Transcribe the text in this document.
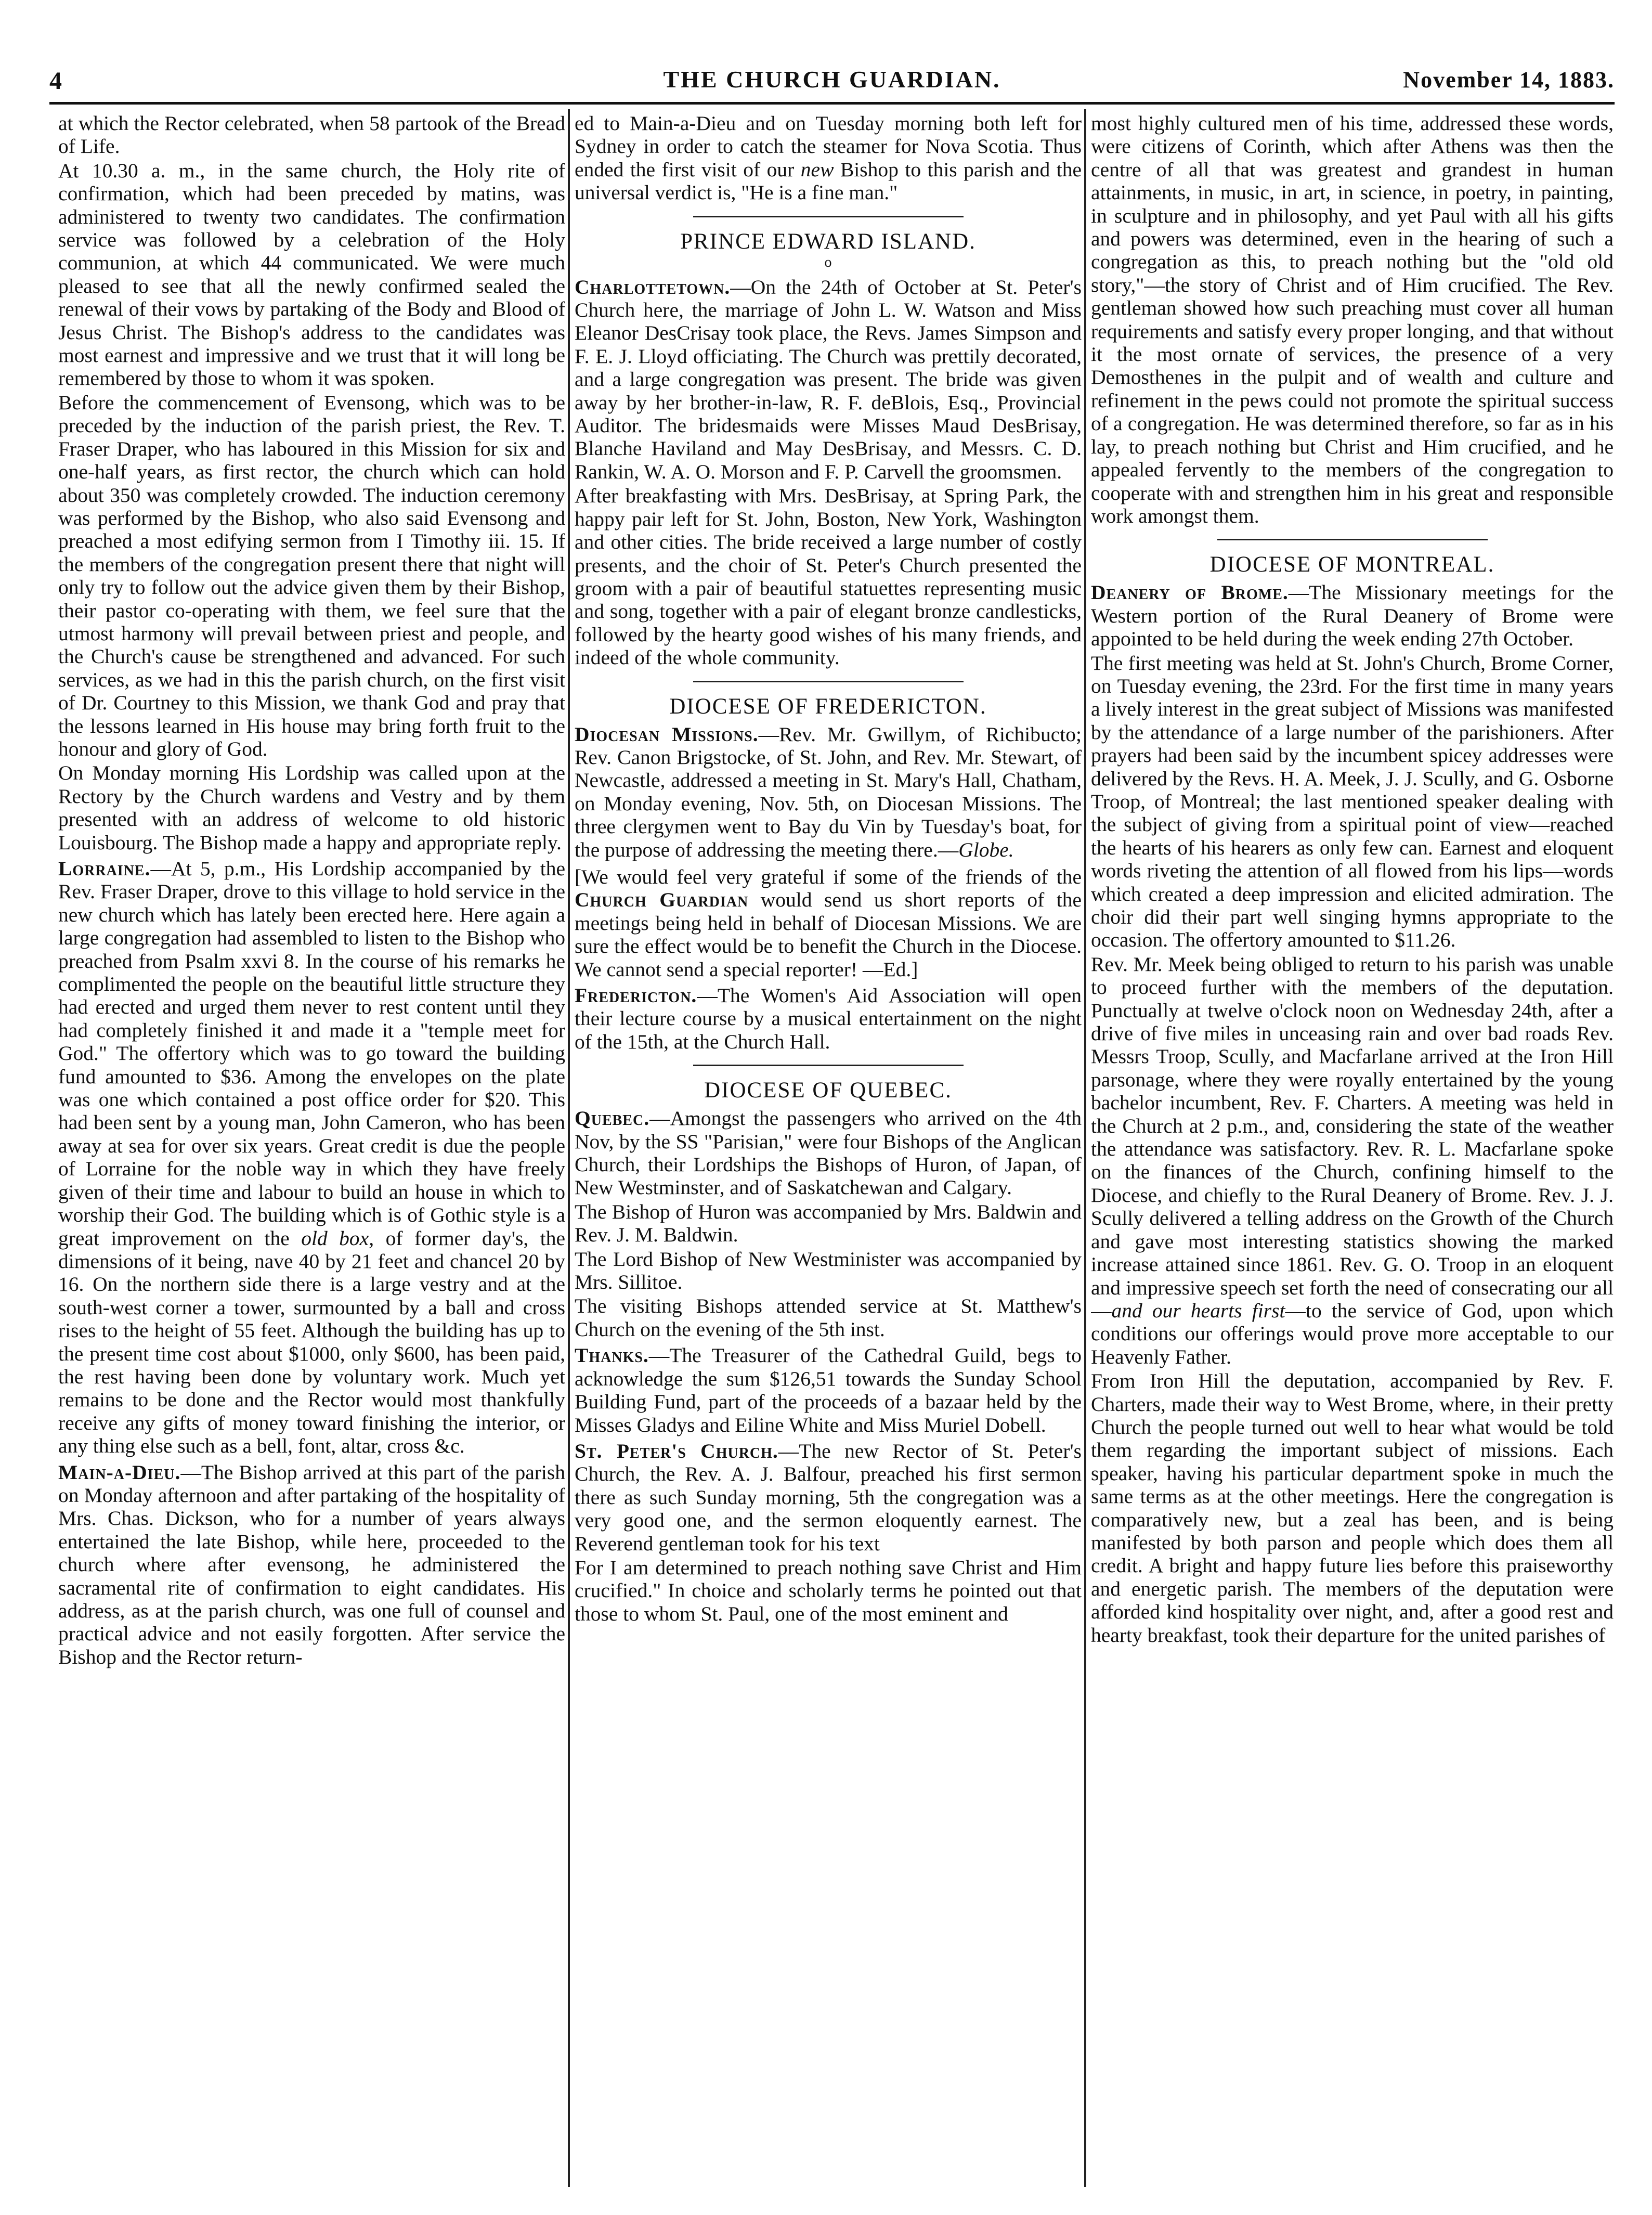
4	THE CHURCH GUARDIAN.	November 14, 1883.

at which the Rector celebrated, when 58 partook of the Bread of Life.

At 10.30 a. m., in the same church, the Holy rite of confirmation, which had been preceded by matins, was administered to twenty two candidates. The confirmation service was followed by a celebration of the Holy communion, at which 44 communicated. We were much pleased to see that all the newly confirmed sealed the renewal of their vows by partaking of the Body and Blood of Jesus Christ. The Bishop's address to the candidates was most earnest and impressive and we trust that it will long be remembered by those to whom it was spoken.

Before the commencement of Evensong, which was to be preceded by the induction of the parish priest, the Rev. T. Fraser Draper, who has laboured in this Mission for six and one-half years, as first rector, the church which can hold about 350 was completely crowded. The induction ceremony was performed by the Bishop, who also said Evensong and preached a most edifying sermon from I Timothy iii. 15. If the members of the congregation present there that night will only try to follow out the advice given them by their Bishop, their pastor co-operating with them, we feel sure that the utmost harmony will prevail between priest and people, and the Church's cause be strengthened and advanced. For such services, as we had in this the parish church, on the first visit of Dr. Courtney to this Mission, we thank God and pray that the lessons learned in His house may bring forth fruit to the honour and glory of God.

On Monday morning His Lordship was called upon at the Rectory by the Church wardens and Vestry and by them presented with an address of welcome to old historic Louisbourg. The Bishop made a happy and appropriate reply.

Lorraine.—At 5, p.m., His Lordship accompanied by the Rev. Fraser Draper, drove to this village to hold service in the new church which has lately been erected here. Here again a large congregation had assembled to listen to the Bishop who preached from Psalm xxvi 8. In the course of his remarks he complimented the people on the beautiful little structure they had erected and urged them never to rest content until they had completely finished it and made it a "temple meet for God." The offertory which was to go toward the building fund amounted to $36. Among the envelopes on the plate was one which contained a post office order for $20. This had been sent by a young man, John Cameron, who has been away at sea for over six years. Great credit is due the people of Lorraine for the noble way in which they have freely given of their time and labour to build an house in which to worship their God. The building which is of Gothic style is a great improvement on the old box, of former day's, the dimensions of it being, nave 40 by 21 feet and chancel 20 by 16. On the northern side there is a large vestry and at the south-west corner a tower, surmounted by a ball and cross rises to the height of 55 feet. Although the building has up to the present time cost about $1000, only $600, has been paid, the rest having been done by voluntary work. Much yet remains to be done and the Rector would most thankfully receive any gifts of money toward finishing the interior, or any thing else such as a bell, font, altar, cross &c.

Main-a-Dieu.—The Bishop arrived at this part of the parish on Monday afternoon and after partaking of the hospitality of Mrs. Chas. Dickson, who for a number of years always entertained the late Bishop, while here, proceeded to the church where after evensong, he administered the sacramental rite of confirmation to eight candidates. His address, as at the parish church, was one full of counsel and practical advice and not easily forgotten. After service the Bishop and the Rector return-

ed to Main-a-Dieu and on Tuesday morning both left for Sydney in order to catch the steamer for Nova Scotia. Thus ended the first visit of our new Bishop to this parish and the universal verdict is, "He is a fine man."

PRINCE EDWARD ISLAND.
o

Charlottetown.—On the 24th of October at St. Peter's Church here, the marriage of John L. W. Watson and Miss Eleanor DesCrisay took place, the Revs. James Simpson and F. E. J. Lloyd officiating. The Church was prettily decorated, and a large congregation was present. The bride was given away by her brother-in-law, R. F. deBlois, Esq., Provincial Auditor. The bridesmaids were Misses Maud DesBrisay, Blanche Haviland and May DesBrisay, and Messrs. C. D. Rankin, W. A. O. Morson and F. P. Carvell the groomsmen.

After breakfasting with Mrs. DesBrisay, at Spring Park, the happy pair left for St. John, Boston, New York, Washington and other cities. The bride received a large number of costly presents, and the choir of St. Peter's Church presented the groom with a pair of beautiful statuettes representing music and song, together with a pair of elegant bronze candlesticks, followed by the hearty good wishes of his many friends, and indeed of the whole community.

DIOCESE OF FREDERICTON.

Diocesan Missions.—Rev. Mr. Gwillym, of Richibucto; Rev. Canon Brigstocke, of St. John, and Rev. Mr. Stewart, of Newcastle, addressed a meeting in St. Mary's Hall, Chatham, on Monday evening, Nov. 5th, on Diocesan Missions. The three clergymen went to Bay du Vin by Tuesday's boat, for the purpose of addressing the meeting there.—Globe.

[We would feel very grateful if some of the friends of the Church Guardian would send us short reports of the meetings being held in behalf of Diocesan Missions. We are sure the effect would be to benefit the Church in the Diocese. We cannot send a special reporter! —Ed.]

Fredericton.—The Women's Aid Association will open their lecture course by a musical entertainment on the night of the 15th, at the Church Hall.

DIOCESE OF QUEBEC.

Quebec.—Amongst the passengers who arrived on the 4th Nov, by the SS "Parisian," were four Bishops of the Anglican Church, their Lordships the Bishops of Huron, of Japan, of New Westminster, and of Saskatchewan and Calgary.

The Bishop of Huron was accompanied by Mrs. Baldwin and Rev. J. M. Baldwin.

The Lord Bishop of New Westminister was accompanied by Mrs. Sillitoe.

The visiting Bishops attended service at St. Matthew's Church on the evening of the 5th inst.

Thanks.—The Treasurer of the Cathedral Guild, begs to acknowledge the sum $126,51 towards the Sunday School Building Fund, part of the proceeds of a bazaar held by the Misses Gladys and Eiline White and Miss Muriel Dobell.

St. Peter's Church.—The new Rector of St. Peter's Church, the Rev. A. J. Balfour, preached his first sermon there as such Sunday morning, 5th the congregation was a very good one, and the sermon eloquently earnest. The Reverend gentleman took for his text

For I am determined to preach nothing save Christ and Him crucified." In choice and scholarly terms he pointed out that those to whom St. Paul, one of the most eminent and

most highly cultured men of his time, addressed these words, were citizens of Corinth, which after Athens was then the centre of all that was greatest and grandest in human attainments, in music, in art, in science, in poetry, in painting, in sculpture and in philosophy, and yet Paul with all his gifts and powers was determined, even in the hearing of such a congregation as this, to preach nothing but the "old old story,"—the story of Christ and of Him crucified. The Rev. gentleman showed how such preaching must cover all human requirements and satisfy every proper longing, and that without it the most ornate of services, the presence of a very Demosthenes in the pulpit and of wealth and culture and refinement in the pews could not promote the spiritual success of a congregation. He was determined therefore, so far as in his lay, to preach nothing but Christ and Him crucified, and he appealed fervently to the members of the congregation to cooperate with and strengthen him in his great and responsible work amongst them.

DIOCESE OF MONTREAL.

Deanery of Brome.—The Missionary meetings for the Western portion of the Rural Deanery of Brome were appointed to be held during the week ending 27th October.

The first meeting was held at St. John's Church, Brome Corner, on Tuesday evening, the 23rd. For the first time in many years a lively interest in the great subject of Missions was manifested by the attendance of a large number of the parishioners. After prayers had been said by the incumbent spicey addresses were delivered by the Revs. H. A. Meek, J. J. Scully, and G. Osborne Troop, of Montreal; the last mentioned speaker dealing with the subject of giving from a spiritual point of view—reached the hearts of his hearers as only few can. Earnest and eloquent words riveting the attention of all flowed from his lips—words which created a deep impression and elicited admiration. The choir did their part well singing hymns appropriate to the occasion. The offertory amounted to $11.26.

Rev. Mr. Meek being obliged to return to his parish was unable to proceed further with the members of the deputation. Punctually at twelve o'clock noon on Wednesday 24th, after a drive of five miles in unceasing rain and over bad roads Rev. Messrs Troop, Scully, and Macfarlane arrived at the Iron Hill parsonage, where they were royally entertained by the young bachelor incumbent, Rev. F. Charters. A meeting was held in the Church at 2 p.m., and, considering the state of the weather the attendance was satisfactory. Rev. R. L. Macfarlane spoke on the finances of the Church, confining himself to the Diocese, and chiefly to the Rural Deanery of Brome. Rev. J. J. Scully delivered a telling address on the Growth of the Church and gave most interesting statistics showing the marked increase attained since 1861. Rev. G. O. Troop in an eloquent and impressive speech set forth the need of consecrating our all—and our hearts first—to the service of God, upon which conditions our offerings would prove more acceptable to our Heavenly Father.

From Iron Hill the deputation, accompanied by Rev. F. Charters, made their way to West Brome, where, in their pretty Church the people turned out well to hear what would be told them regarding the important subject of missions. Each speaker, having his particular department spoke in much the same terms as at the other meetings. Here the congregation is comparatively new, but a zeal has been, and is being manifested by both parson and people which does them all credit. A bright and happy future lies before this praiseworthy and energetic parish. The members of the deputation were afforded kind hospitality over night, and, after a good rest and hearty breakfast, took their departure for the united parishes of
